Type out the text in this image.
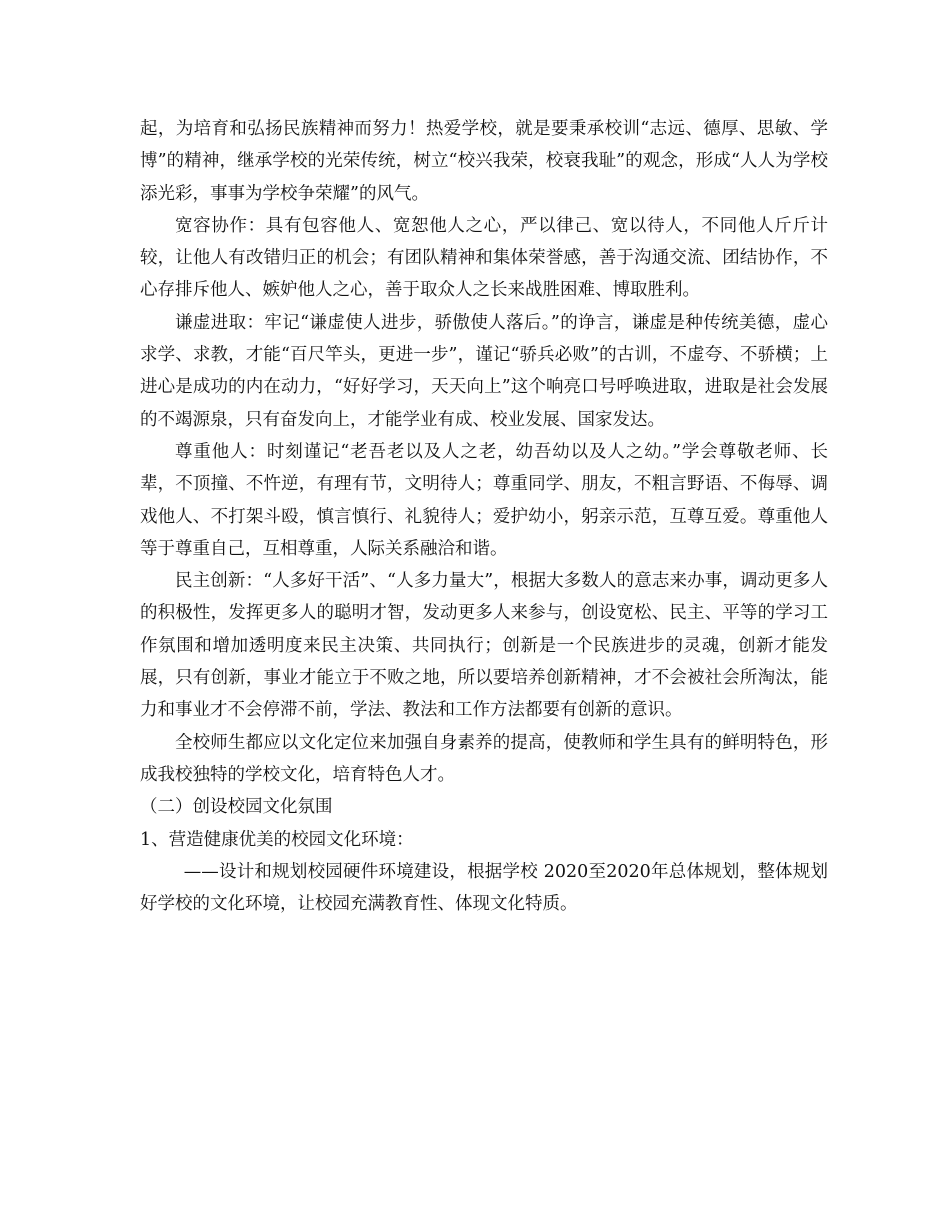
起，为培育和弘扬民族精神而努力！热爱学校，就是要秉承校训“志远、德厚、思敏、学博”的精神，继承学校的光荣传统，树立“校兴我荣，校衰我耻”的观念，形成“人人为学校添光彩，事事为学校争荣耀”的风气。

宽容协作：具有包容他人、宽恕他人之心，严以律己、宽以待人，不同他人斤斤计较，让他人有改错归正的机会；有团队精神和集体荣誉感，善于沟通交流、团结协作，不心存排斥他人、嫉妒他人之心，善于取众人之长来战胜困难、博取胜利。

谦虚进取：牢记“谦虚使人进步，骄傲使人落后。”的诤言，谦虚是种传统美德，虚心求学、求教，才能“百尺竿头，更进一步”，谨记“骄兵必败”的古训，不虚夸、不骄横；上进心是成功的内在动力，“好好学习，天天向上”这个响亮口号呼唤进取，进取是社会发展的不竭源泉，只有奋发向上，才能学业有成、校业发展、国家发达。

尊重他人：时刻谨记“老吾老以及人之老，幼吾幼以及人之幼。”学会尊敬老师、长辈，不顶撞、不忤逆，有理有节，文明待人；尊重同学、朋友，不粗言野语、不侮辱、调戏他人、不打架斗殴，慎言慎行、礼貌待人；爱护幼小，躬亲示范，互尊互爱。尊重他人等于尊重自己，互相尊重，人际关系融洽和谐。

民主创新：“人多好干活”、“人多力量大”，根据大多数人的意志来办事，调动更多人的积极性，发挥更多人的聪明才智，发动更多人来参与，创设宽松、民主、平等的学习工作氛围和增加透明度来民主决策、共同执行；创新是一个民族进步的灵魂，创新才能发展，只有创新，事业才能立于不败之地，所以要培养创新精神，才不会被社会所淘汰，能力和事业才不会停滞不前，学法、教法和工作方法都要有创新的意识。

全校师生都应以文化定位来加强自身素养的提高，使教师和学生具有的鲜明特色，形成我校独特的学校文化，培育特色人才。

（二）创设校园文化氛围

1、营造健康优美的校园文化环境：

——设计和规划校园硬件环境建设，根据学校 2020至2020年总体规划，整体规划好学校的文化环境，让校园充满教育性、体现文化特质。
